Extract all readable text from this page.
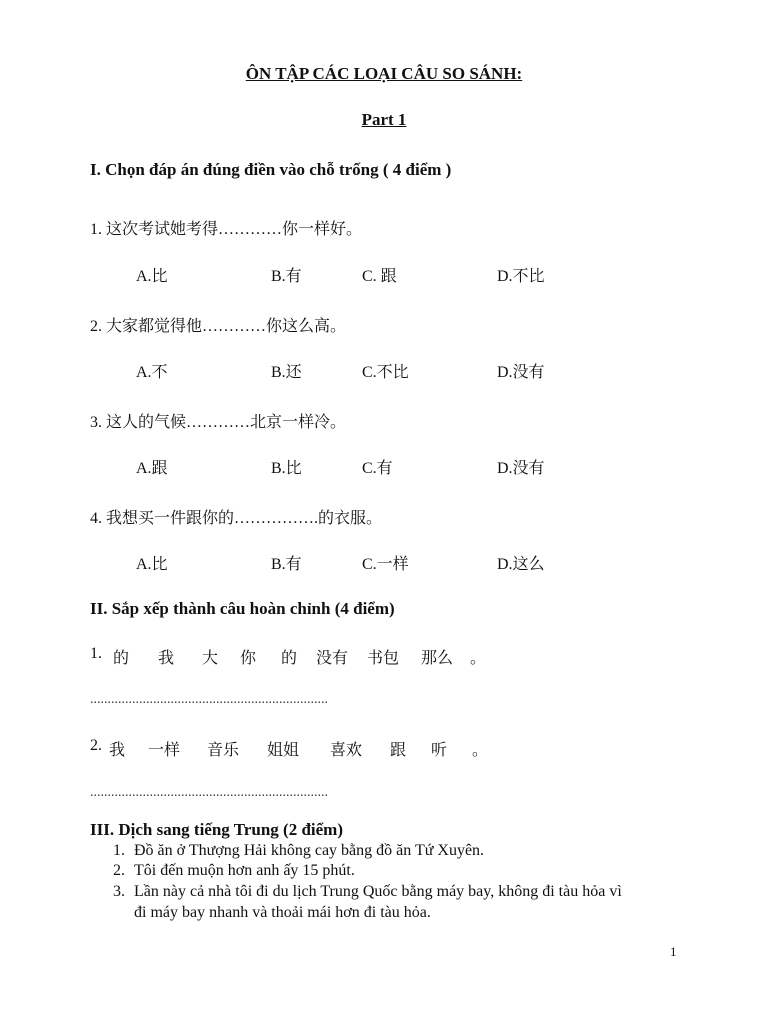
ÔN TẬP CÁC LOẠI CÂU SO SÁNH:
Part 1
I. Chọn đáp án đúng điền vào chỗ trống ( 4 điểm )
1. 这次考试她考得…………你一样好。
A.比	B.有	C. 跟	D.不比
2. 大家都觉得他…………你这么高。
A.不	B.还	C.不比	D.没有
3. 这人的气候…………北京一样冷。
A.跟	B.比	C.有	D.没有
4. 我想买一件跟你的…………….的衣服。
A.比	B.有	C.一样	D.这么
II. Sắp xếp thành câu hoàn chỉnh (4 điểm)
1. 的 我 大 你 的 没有 书包 那么 。
....................................................................
2. 我 一样 音乐 姐姐 喜欢 跟 听 。
....................................................................
III. Dịch sang tiếng Trung (2 điểm)
1. Đồ ăn ở Thượng Hải không cay bằng đồ ăn Tứ Xuyên.
2. Tôi đến muộn hơn anh ấy 15 phút.
3. Lần này cả nhà tôi đi du lịch Trung Quốc bằng máy bay, không đi tàu hỏa vì
đi máy bay nhanh và thoải mái hơn đi tàu hỏa.
1
